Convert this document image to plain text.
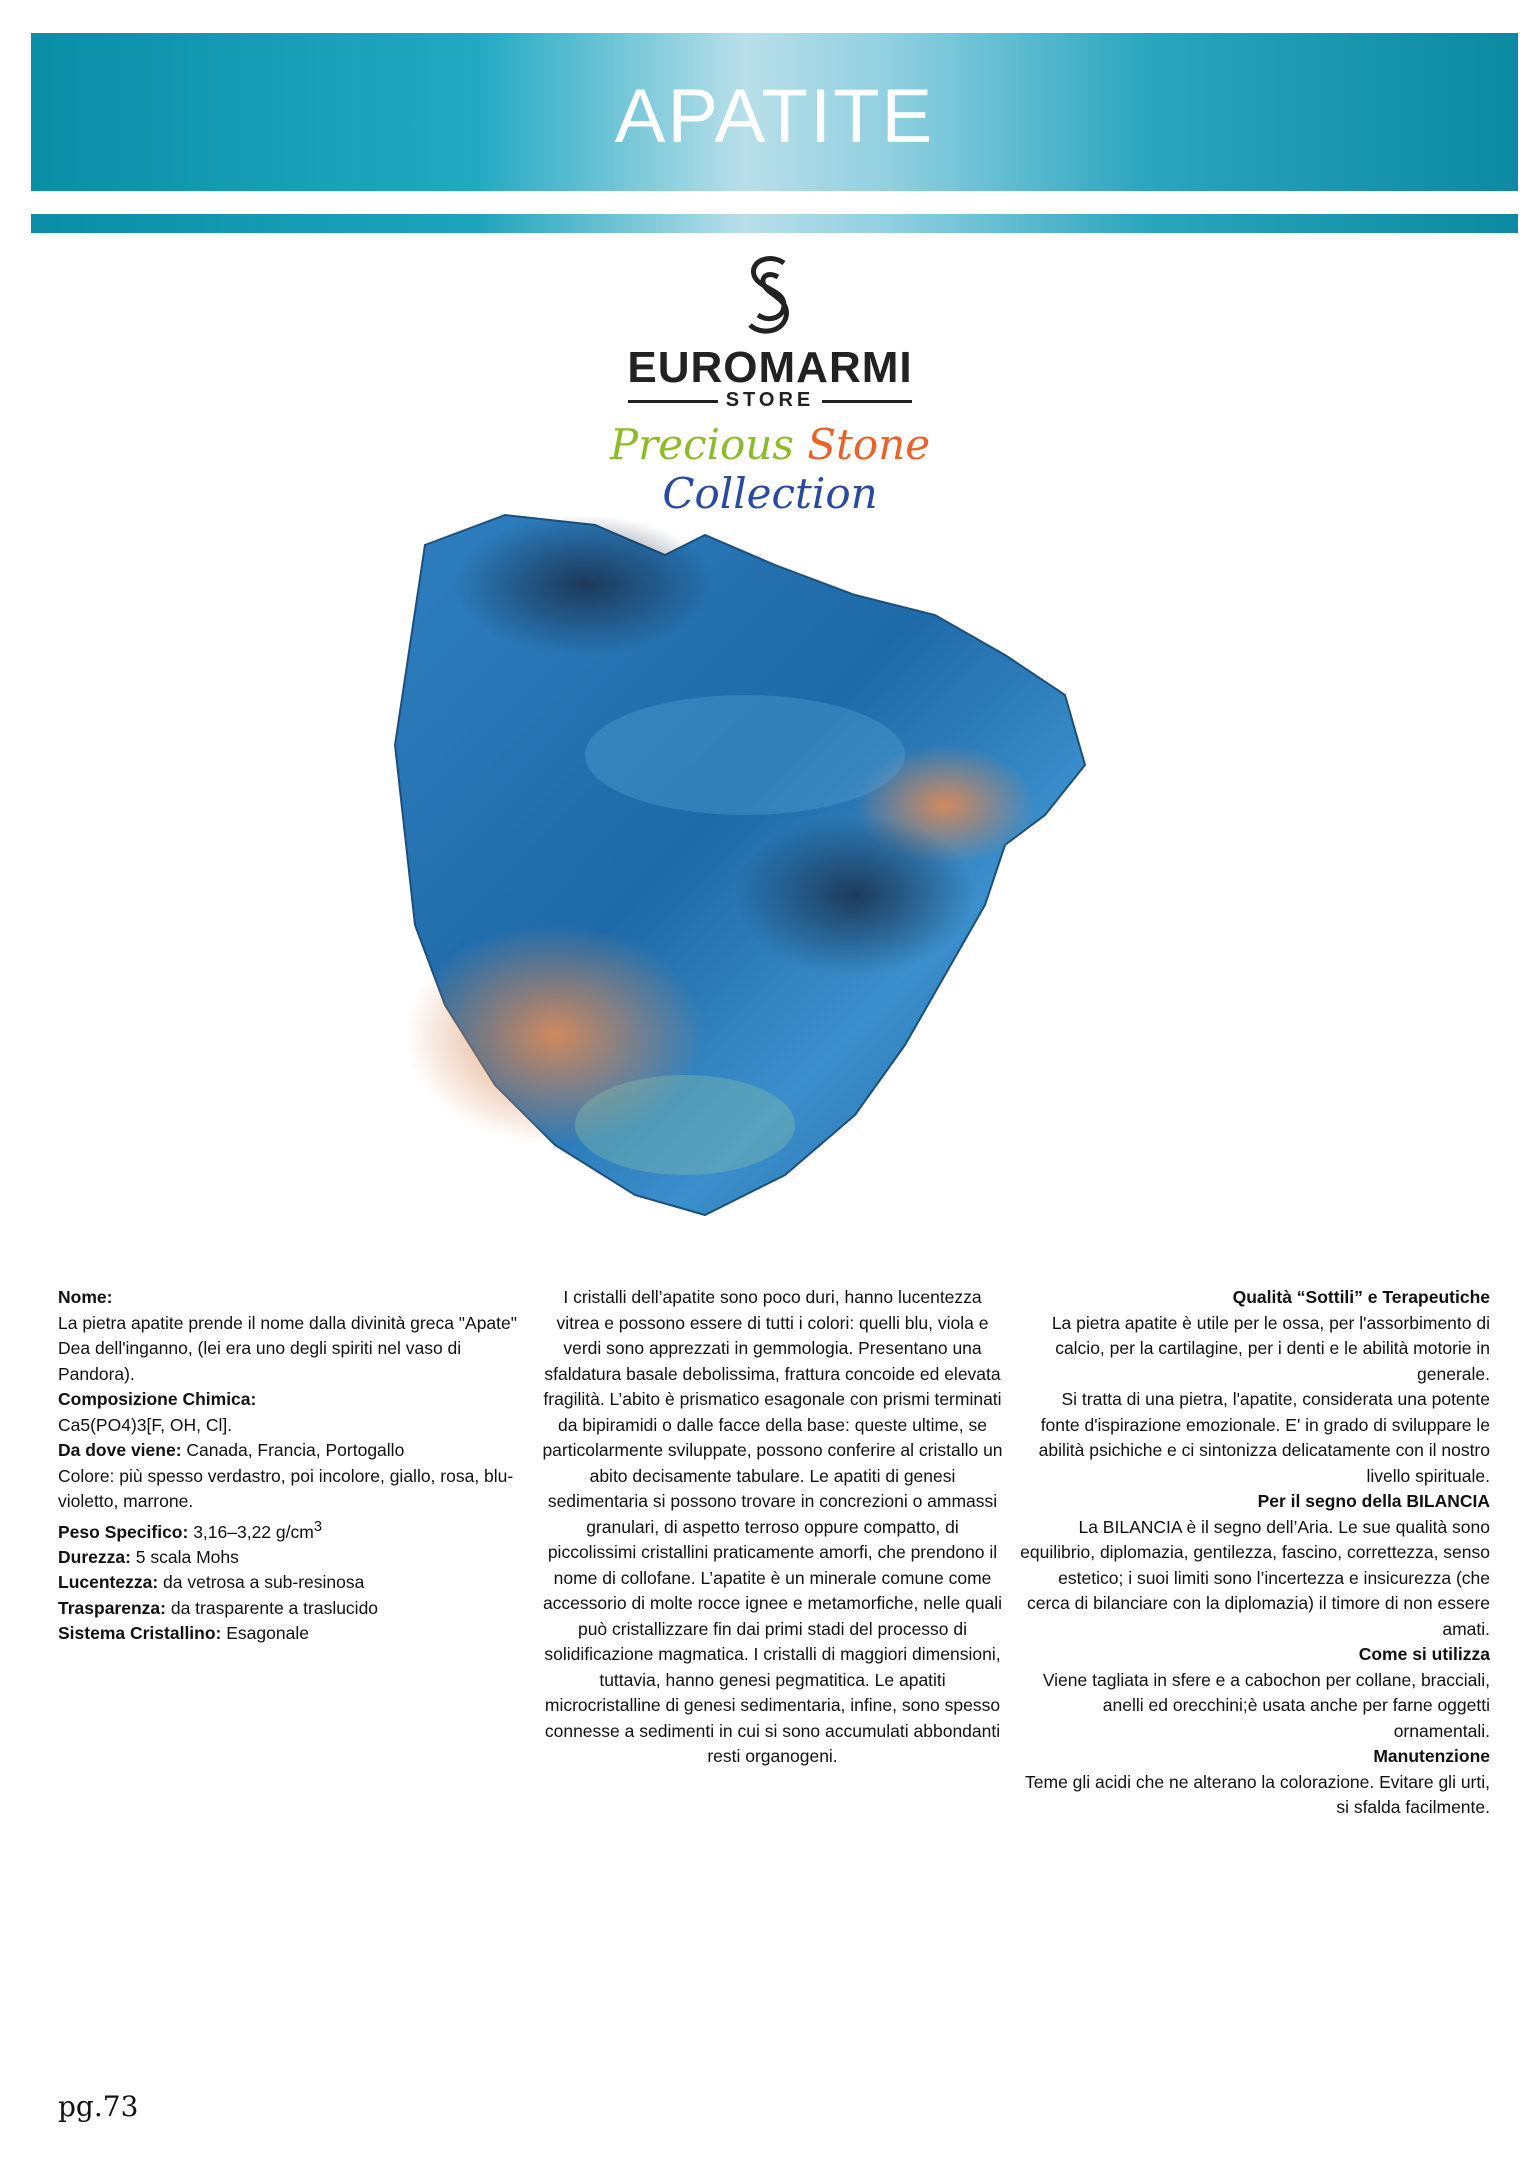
APATITE
EUROMARMI
STORE
Precious Stone Collection

Nome:

La pietra apatite prende il nome dalla divinità greca "Apate" Dea dell'inganno, (lei era uno degli spiriti nel vaso di Pandora).

Composizione Chimica:

Ca5(PO4)3[F, OH, Cl].

Da dove viene: Canada, Francia, Portogallo

Colore: più spesso verdastro, poi incolore, giallo, rosa, blu-violetto, marrone.

Peso Specifico: 3,16–3,22 $g/cm^3$

Durezza: 5 scala Mohs

Lucentezza: da vetrosa a sub-resinosa

Trasparenza: da trasparente a traslucido

Sistema Cristallino: Esagonale

I cristalli dell’apatite sono poco duri, hanno lucentezza vitrea e possono essere di tutti i colori: quelli blu, viola e verdi sono apprezzati in gemmologia. Presentano una sfaldatura basale debolissima, frattura concoide ed elevata fragilità. L’abito è prismatico esagonale con prismi terminati da bipiramidi o dalle facce della base: queste ultime, se particolarmente sviluppate, possono conferire al cristallo un abito decisamente tabulare. Le apatiti di genesi sedimentaria si possono trovare in concrezioni o ammassi granulari, di aspetto terroso oppure compatto, di piccolissimi cristallini praticamente amorfi, che prendono il nome di collofane. L’apatite è un minerale comune come accessorio di molte rocce ignee e metamorfiche, nelle quali può cristallizzare fin dai primi stadi del processo di solidificazione magmatica. I cristalli di maggiori dimensioni, tuttavia, hanno genesi pegmatitica. Le apatiti microcristalline di genesi sedimentaria, infine, sono spesso connesse a sedimenti in cui si sono accumulati abbondanti resti organogeni.

Qualità “Sottili” e Terapeutiche

La pietra apatite è utile per le ossa, per l'assorbimento di calcio, per la cartilagine, per i denti e le abilità motorie in generale.

Si tratta di una pietra, l'apatite, considerata una potente fonte d'ispirazione emozionale. E' in grado di sviluppare le abilità psichiche e ci sintonizza delicatamente con il nostro livello spirituale.

Per il segno della BILANCIA

La BILANCIA è il segno dell’Aria. Le sue qualità sono equilibrio, diplomazia, gentilezza, fascino, correttezza, senso estetico; i suoi limiti sono l’incertezza e insicurezza (che cerca di bilanciare con la diplomazia) il timore di non essere amati.

Come si utilizza

Viene tagliata in sfere e a cabochon per collane, bracciali, anelli ed orecchini;è usata anche per farne oggetti ornamentali.

Manutenzione

Teme gli acidi che ne alterano la colorazione. Evitare gli urti, si sfalda facilmente.

pg.73
